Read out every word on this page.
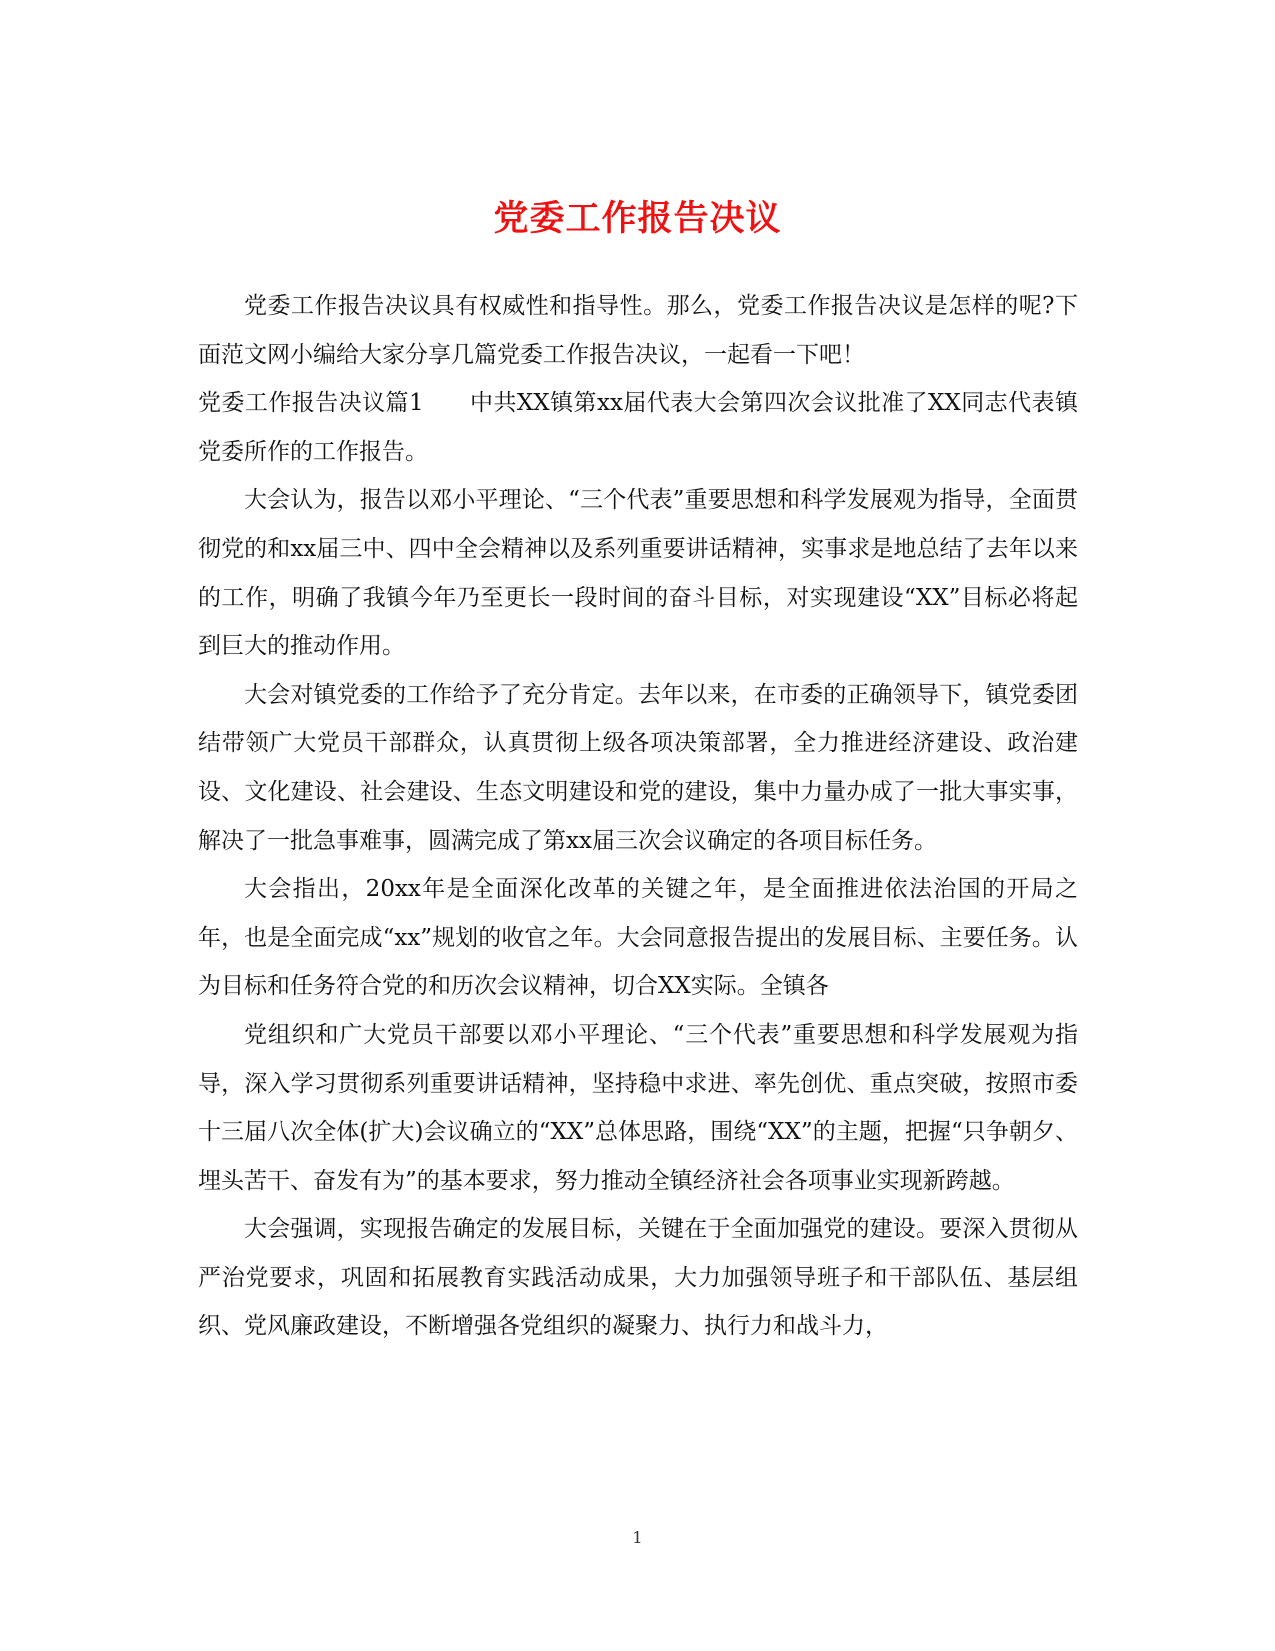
党委工作报告决议

党委工作报告决议具有权威性和指导性。那么，党委工作报告决议是怎样的呢?下面范文网小编给大家分享几篇党委工作报告决议，一起看一下吧！

党委工作报告决议篇1 中共XX镇第xx届代表大会第四次会议批准了XX同志代表镇党委所作的工作报告。

大会认为，报告以邓小平理论、“三个代表”重要思想和科学发展观为指导，全面贯彻党的和xx届三中、四中全会精神以及系列重要讲话精神，实事求是地总结了去年以来的工作，明确了我镇今年乃至更长一段时间的奋斗目标，对实现建设“XX”目标必将起到巨大的推动作用。

大会对镇党委的工作给予了充分肯定。去年以来，在市委的正确领导下，镇党委团结带领广大党员干部群众，认真贯彻上级各项决策部署，全力推进经济建设、政治建设、文化建设、社会建设、生态文明建设和党的建设，集中力量办成了一批大事实事，解决了一批急事难事，圆满完成了第xx届三次会议确定的各项目标任务。

大会指出，20xx年是全面深化改革的关键之年，是全面推进依法治国的开局之年，也是全面完成“xx”规划的收官之年。大会同意报告提出的发展目标、主要任务。认为目标和任务符合党的和历次会议精神，切合XX实际。全镇各

党组织和广大党员干部要以邓小平理论、“三个代表”重要思想和科学发展观为指导，深入学习贯彻系列重要讲话精神，坚持稳中求进、率先创优、重点突破，按照市委十三届八次全体(扩大)会议确立的“XX”总体思路，围绕“XX”的主题，把握“只争朝夕、埋头苦干、奋发有为”的基本要求，努力推动全镇经济社会各项事业实现新跨越。

大会强调，实现报告确定的发展目标，关键在于全面加强党的建设。要深入贯彻从严治党要求，巩固和拓展教育实践活动成果，大力加强领导班子和干部队伍、基层组织、党风廉政建设，不断增强各党组织的凝聚力、执行力和战斗力，

1
